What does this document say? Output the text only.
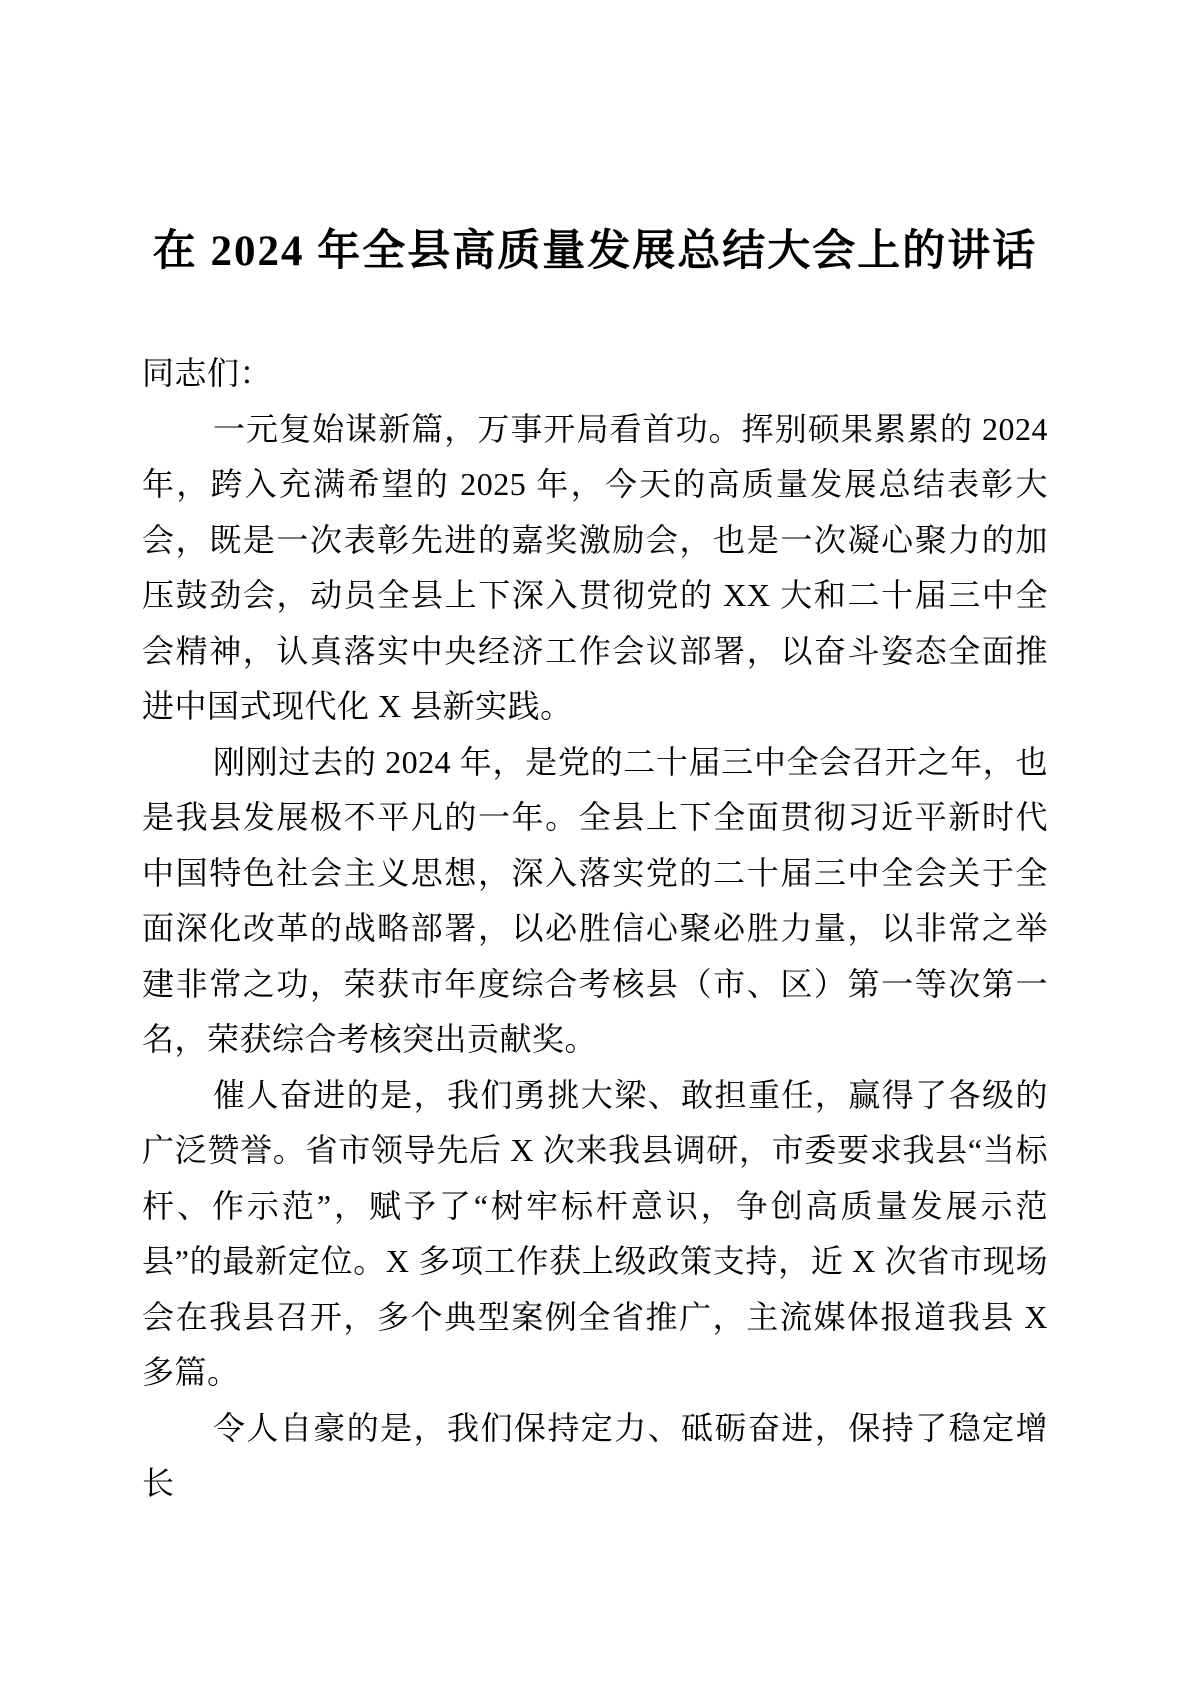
在 2024 年全县高质量发展总结大会上的讲话

同志们：

一元复始谋新篇，万事开局看首功。挥别硕果累累的 2024 年，跨入充满希望的 2025 年，今天的高质量发展总结表彰大会，既是一次表彰先进的嘉奖激励会，也是一次凝心聚力的加压鼓劲会，动员全县上下深入贯彻党的 XX 大和二十届三中全会精神，认真落实中央经济工作会议部署，以奋斗姿态全面推进中国式现代化 X 县新实践。

刚刚过去的 2024 年，是党的二十届三中全会召开之年，也是我县发展极不平凡的一年。全县上下全面贯彻习近平新时代中国特色社会主义思想，深入落实党的二十届三中全会关于全面深化改革的战略部署，以必胜信心聚必胜力量，以非常之举建非常之功，荣获市年度综合考核县（市、区）第一等次第一名，荣获综合考核突出贡献奖。

催人奋进的是，我们勇挑大梁、敢担重任，赢得了各级的广泛赞誉。省市领导先后 X 次来我县调研，市委要求我县“当标杆、作示范”，赋予了“树牢标杆意识，争创高质量发展示范县”的最新定位。X 多项工作获上级政策支持，近 X 次省市现场会在我县召开，多个典型案例全省推广，主流媒体报道我县 X 多篇。

令人自豪的是，我们保持定力、砥砺奋进，保持了稳定增长
